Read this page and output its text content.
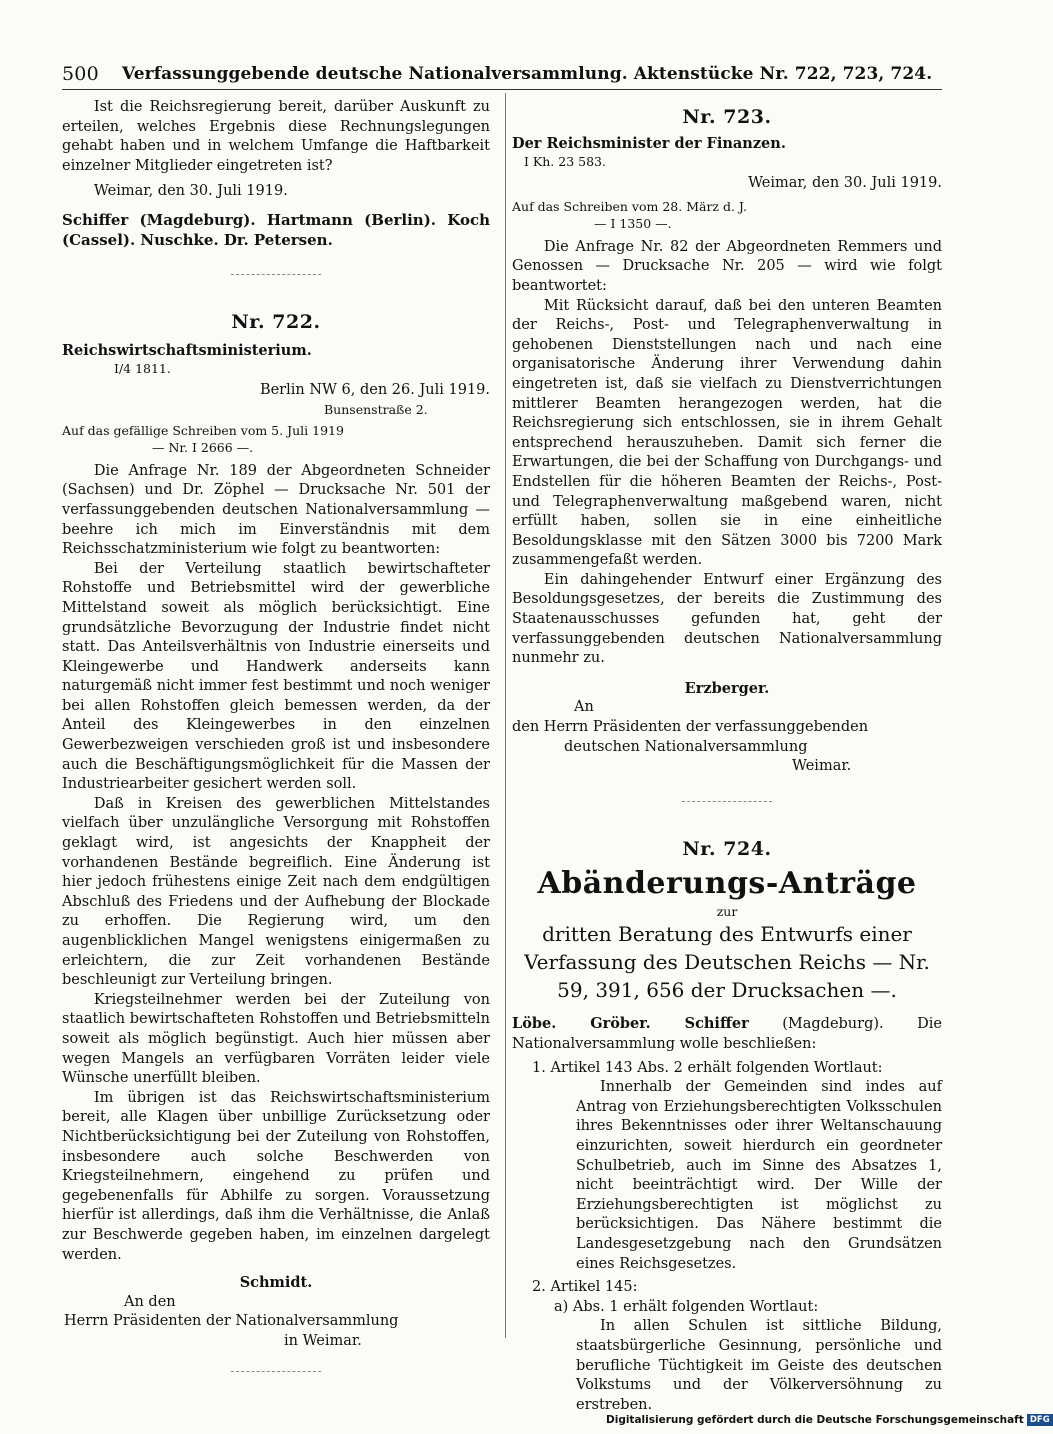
500 Verfassunggebende deutsche Nationalversammlung. Aktenstücke Nr. 722, 723, 724.

Ist die Reichsregierung bereit, darüber Auskunft zu erteilen, welches Ergebnis diese Rechnungslegungen gehabt haben und in welchem Umfange die Haftbarkeit einzelner Mitglieder eingetreten ist?

Weimar, den 30. Juli 1919.

Schiffer (Magdeburg). Hartmann (Berlin). Koch (Cassel). Nuschke. Dr. Petersen.

Nr. 722.

Reichswirtschaftsministerium.

I/4 1811.

Berlin NW 6, den 26. Juli 1919.

Bunsenstraße 2.

Auf das gefällige Schreiben vom 5. Juli 1919

— Nr. I 2666 —.

Die Anfrage Nr. 189 der Abgeordneten Schneider (Sachsen) und Dr. Zöphel — Drucksache Nr. 501 der verfassunggebenden deutschen Nationalversammlung — beehre ich mich im Einverständnis mit dem Reichsschatzministerium wie folgt zu beantworten:

Bei der Verteilung staatlich bewirtschafteter Rohstoffe und Betriebsmittel wird der gewerbliche Mittelstand soweit als möglich berücksichtigt. Eine grundsätzliche Bevorzugung der Industrie findet nicht statt. Das Anteilsverhältnis von Industrie einerseits und Kleingewerbe und Handwerk anderseits kann naturgemäß nicht immer fest bestimmt und noch weniger bei allen Rohstoffen gleich bemessen werden, da der Anteil des Kleingewerbes in den einzelnen Gewerbezweigen verschieden groß ist und insbesondere auch die Beschäftigungsmöglichkeit für die Massen der Industriearbeiter gesichert werden soll.

Daß in Kreisen des gewerblichen Mittelstandes vielfach über unzulängliche Versorgung mit Rohstoffen geklagt wird, ist angesichts der Knappheit der vorhandenen Bestände begreiflich. Eine Änderung ist hier jedoch frühestens einige Zeit nach dem endgültigen Abschluß des Friedens und der Aufhebung der Blockade zu erhoffen. Die Regierung wird, um den augenblicklichen Mangel wenigstens einigermaßen zu erleichtern, die zur Zeit vorhandenen Bestände beschleunigt zur Verteilung bringen.

Kriegsteilnehmer werden bei der Zuteilung von staatlich bewirtschafteten Rohstoffen und Betriebsmitteln soweit als möglich begünstigt. Auch hier müssen aber wegen Mangels an verfügbaren Vorräten leider viele Wünsche unerfüllt bleiben.

Im übrigen ist das Reichswirtschaftsministerium bereit, alle Klagen über unbillige Zurücksetzung oder Nichtberücksichtigung bei der Zuteilung von Rohstoffen, insbesondere auch solche Beschwerden von Kriegsteilnehmern, eingehend zu prüfen und gegebenenfalls für Abhilfe zu sorgen. Voraussetzung hierfür ist allerdings, daß ihm die Verhältnisse, die Anlaß zur Beschwerde gegeben haben, im einzelnen dargelegt werden.

Schmidt.

An den

Herrn Präsidenten der Nationalversammlung

in Weimar.

Nr. 723.

Der Reichsminister der Finanzen.

I Kh. 23 583.

Weimar, den 30. Juli 1919.

Auf das Schreiben vom 28. März d. J.

— I 1350 —.

Die Anfrage Nr. 82 der Abgeordneten Remmers und Genossen — Drucksache Nr. 205 — wird wie folgt beantwortet:

Mit Rücksicht darauf, daß bei den unteren Beamten der Reichs-, Post- und Telegraphenverwaltung in gehobenen Dienststellungen nach und nach eine organisatorische Änderung ihrer Verwendung dahin eingetreten ist, daß sie vielfach zu Dienstverrichtungen mittlerer Beamten herangezogen werden, hat die Reichsregierung sich entschlossen, sie in ihrem Gehalt entsprechend herauszuheben. Damit sich ferner die Erwartungen, die bei der Schaffung von Durchgangs- und Endstellen für die höheren Beamten der Reichs-, Post- und Telegraphenverwaltung maßgebend waren, nicht erfüllt haben, sollen sie in eine einheitliche Besoldungsklasse mit den Sätzen 3000 bis 7200 Mark zusammengefaßt werden.

Ein dahingehender Entwurf einer Ergänzung des Besoldungsgesetzes, der bereits die Zustimmung des Staatenausschusses gefunden hat, geht der verfassunggebenden deutschen Nationalversammlung nunmehr zu.

Erzberger.

An

den Herrn Präsidenten der verfassunggebenden

deutschen Nationalversammlung

Weimar.

Nr. 724.

Abänderungs-Anträge

zur

dritten Beratung des Entwurfs einer Verfassung des Deutschen Reichs — Nr. 59, 391, 656 der Drucksachen —.

Löbe. Gröber. Schiffer (Magdeburg). Die Nationalversammlung wolle beschließen:

1. Artikel 143 Abs. 2 erhält folgenden Wortlaut:

Innerhalb der Gemeinden sind indes auf Antrag von Erziehungsberechtigten Volksschulen ihres Bekenntnisses oder ihrer Weltanschauung einzurichten, soweit hierdurch ein geordneter Schulbetrieb, auch im Sinne des Absatzes 1, nicht beeinträchtigt wird. Der Wille der Erziehungsberechtigten ist möglichst zu berücksichtigen. Das Nähere bestimmt die Landesgesetzgebung nach den Grundsätzen eines Reichsgesetzes.

2. Artikel 145:

a) Abs. 1 erhält folgenden Wortlaut:

In allen Schulen ist sittliche Bildung, staatsbürgerliche Gesinnung, persönliche und berufliche Tüchtigkeit im Geiste des deutschen Volkstums und der Völkerversöhnung zu erstreben.

Digitalisierung gefördert durch die Deutsche Forschungsgemeinschaft DFG
